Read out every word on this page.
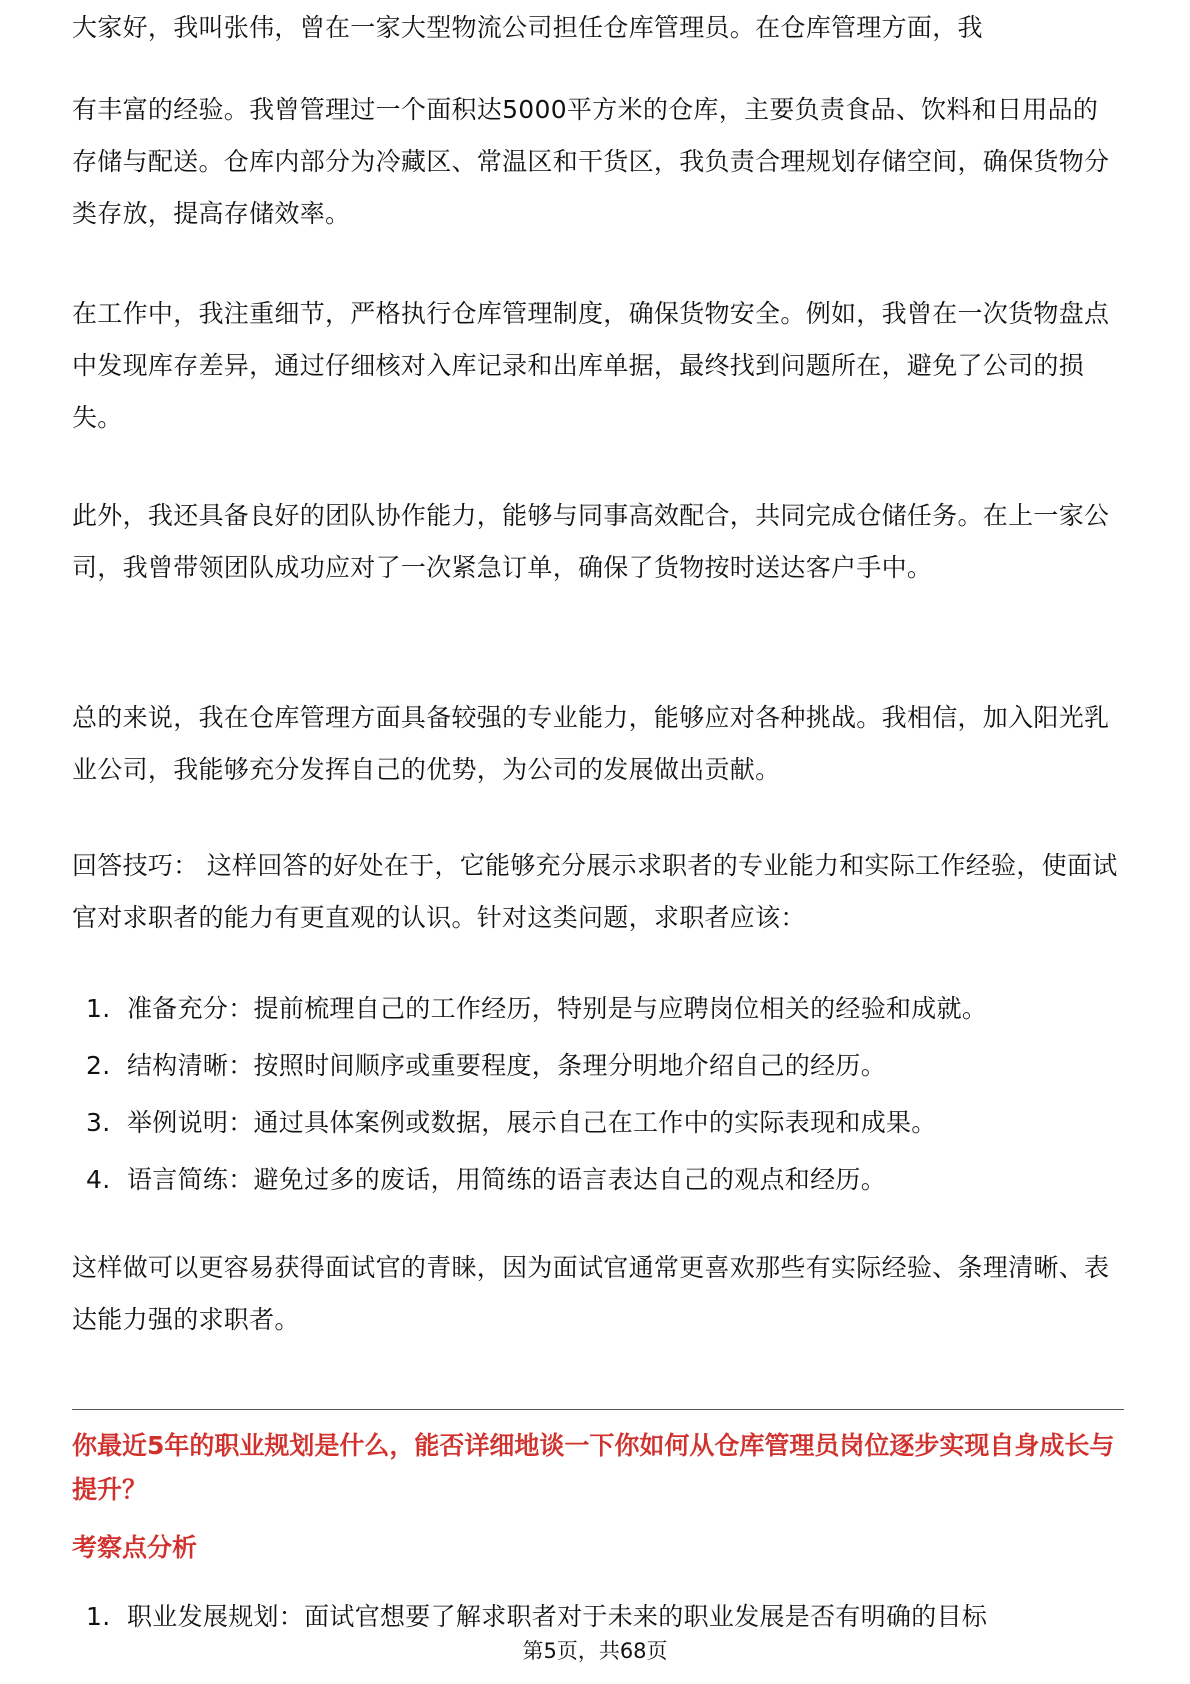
大家好，我叫张伟，曾在一家大型物流公司担任仓库管理员。在仓库管理方面，我

有丰富的经验。我曾管理过一个面积达5000平方米的仓库，主要负责食品、饮料和日用品的存储与配送。仓库内部分为冷藏区、常温区和干货区，我负责合理规划存储空间，确保货物分类存放，提高存储效率。

在工作中，我注重细节，严格执行仓库管理制度，确保货物安全。例如，我曾在一次货物盘点中发现库存差异，通过仔细核对入库记录和出库单据，最终找到问题所在，避免了公司的损失。

此外，我还具备良好的团队协作能力，能够与同事高效配合，共同完成仓储任务。在上一家公司，我曾带领团队成功应对了一次紧急订单，确保了货物按时送达客户手中。

总的来说，我在仓库管理方面具备较强的专业能力，能够应对各种挑战。我相信，加入阳光乳业公司，我能够充分发挥自己的优势，为公司的发展做出贡献。

回答技巧： 这样回答的好处在于，它能够充分展示求职者的专业能力和实际工作经验，使面试官对求职者的能力有更直观的认识。针对这类问题，求职者应该：

1. 准备充分：提前梳理自己的工作经历，特别是与应聘岗位相关的经验和成就。
2. 结构清晰：按照时间顺序或重要程度，条理分明地介绍自己的经历。
3. 举例说明：通过具体案例或数据，展示自己在工作中的实际表现和成果。
4. 语言简练：避免过多的废话，用简练的语言表达自己的观点和经历。

这样做可以更容易获得面试官的青睐，因为面试官通常更喜欢那些有实际经验、条理清晰、表达能力强的求职者。

你最近5年的职业规划是什么，能否详细地谈一下你如何从仓库管理员岗位逐步实现自身成长与提升？

考察点分析

1. 职业发展规划：面试官想要了解求职者对于未来的职业发展是否有明确的目标
第5页，共68页
